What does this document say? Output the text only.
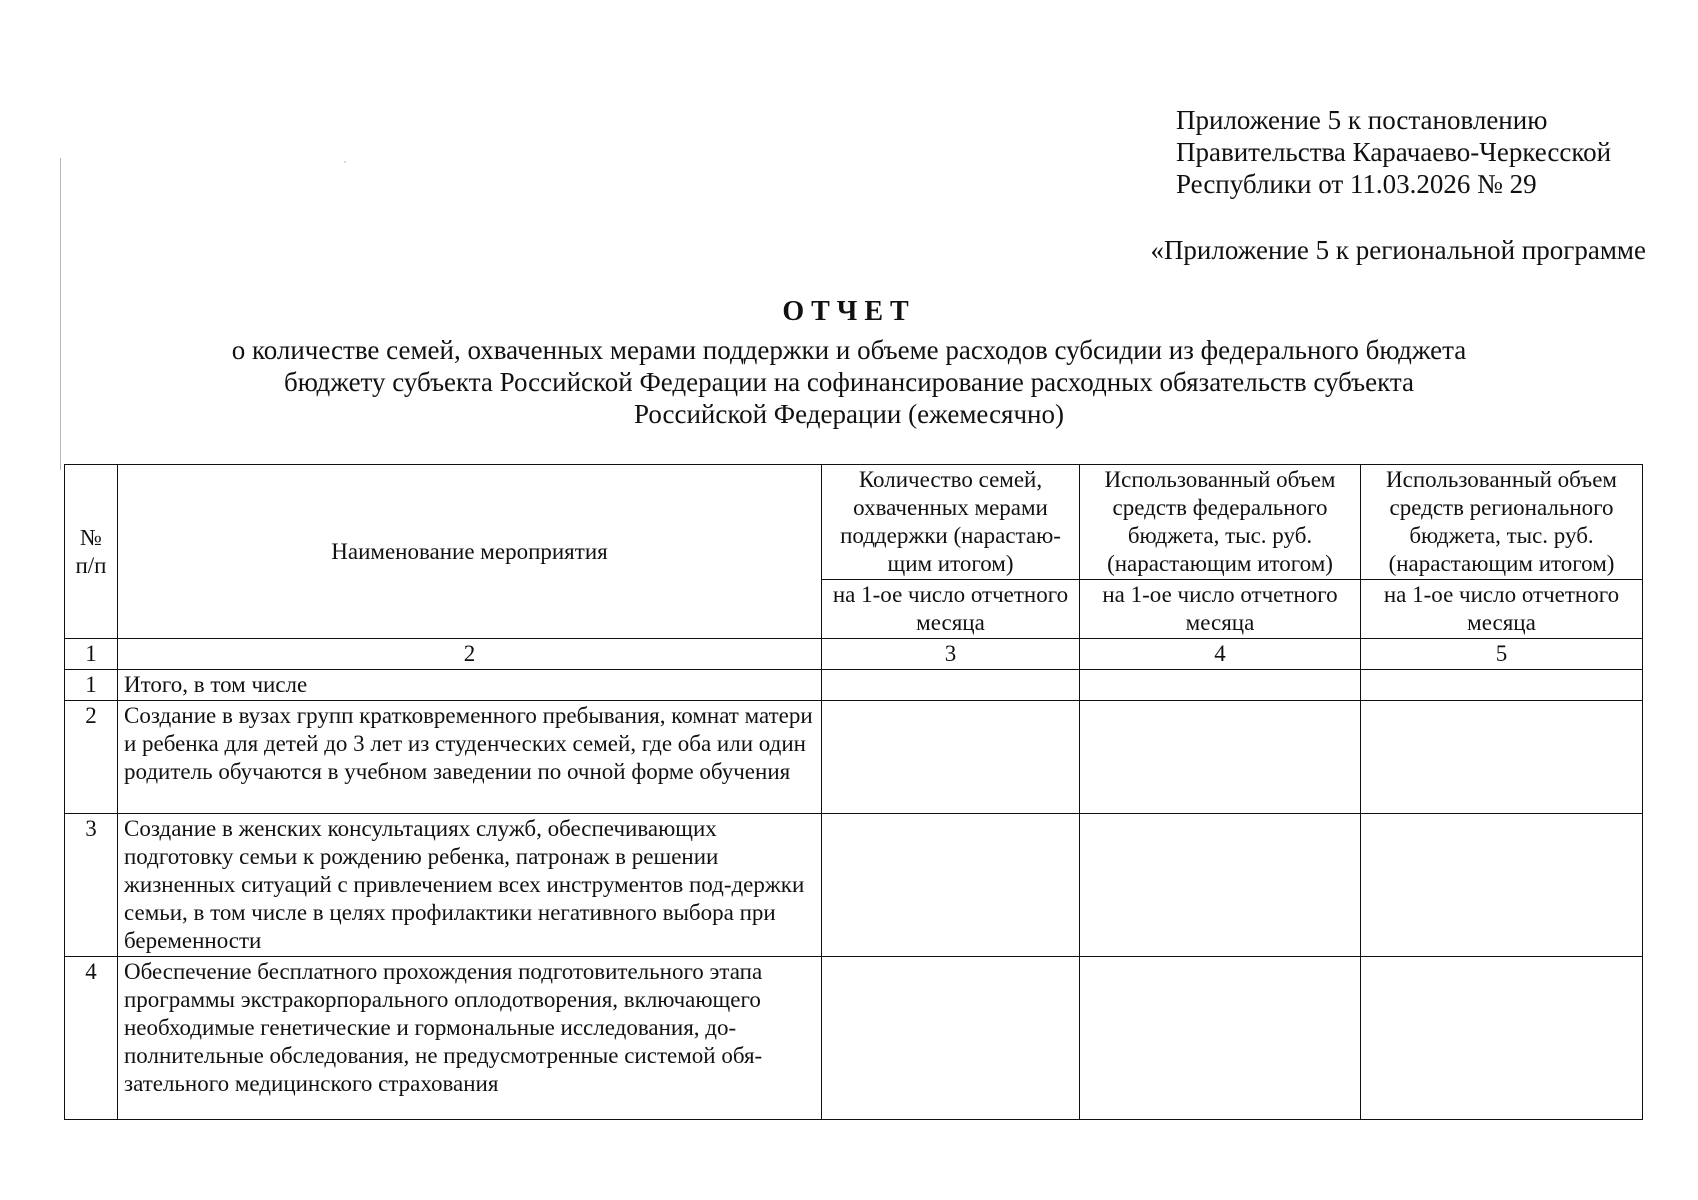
Приложение 5 к постановлению
Правительства Карачаево-Черкесской
Республики от 11.03.2026 № 29
«Приложение 5 к региональной программе
ОТЧЕТ
о количестве семей, охваченных мерами поддержки и объеме расходов субсидии из федерального бюджета
бюджету субъекта Российской Федерации на софинансирование расходных обязательств субъекта
Российской Федерации (ежемесячно)
№ п/п	Наименование мероприятия	Количество семей, охваченных мерами поддержки (нарастаю-щим итогом)	Использованный объем средств федерального бюджета, тыс. руб. (нарастающим итогом)	Использованный объем средств регионального бюджета, тыс. руб. (нарастающим итогом)
		на 1-ое число отчетного месяца	на 1-ое число отчетного месяца	на 1-ое число отчетного месяца
1	2	3	4	5
1	Итого, в том числе			
2	Создание в вузах групп кратковременного пребывания, комнат матери и ребенка для детей до 3 лет из студенческих семей, где оба или один родитель обучаются в учебном заведении по очной форме обучения			
3	Создание в женских консультациях служб, обеспечивающих подготовку семьи к рождению ребенка, патронаж в решении жизненных ситуаций с привлечением всех инструментов под-держки семьи, в том числе в целях профилактики негативного выбора при беременности			
4	Обеспечение бесплатного прохождения подготовительного этапа программы экстракорпорального оплодотворения, включающего необходимые генетические и гормональные исследования, до-полнительные обследования, не предусмотренные системой обя-зательного медицинского страхования			
